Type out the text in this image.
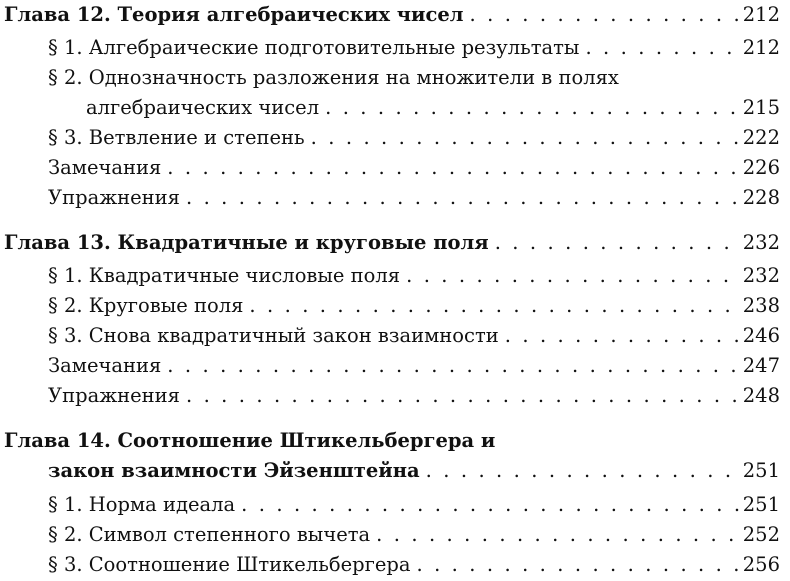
Глава 12. Теория алгебраических чисел . . .	212
§ 1. Алгебраические подготовительные результаты . . .	212
§ 2. Однозначность разложения на множители в полях
алгебраических чисел . . .	215
§ 3. Ветвление и степень . . .	222
Замечания . . .	226
Упражнения . . .	228
Глава 13. Квадратичные и круговые поля . . .	232
§ 1. Квадратичные числовые поля . . .	232
§ 2. Круговые поля . . .	238
§ 3. Снова квадратичный закон взаимности . . .	246
Замечания . . .	247
Упражнения . . .	248
Глава 14. Соотношение Штикельбергера и
закон взаимности Эйзенштейна . . .	251
§ 1. Норма идеала . . .	251
§ 2. Символ степенного вычета . . .	252
§ 3. Соотношение Штикельбергера . . .	256
